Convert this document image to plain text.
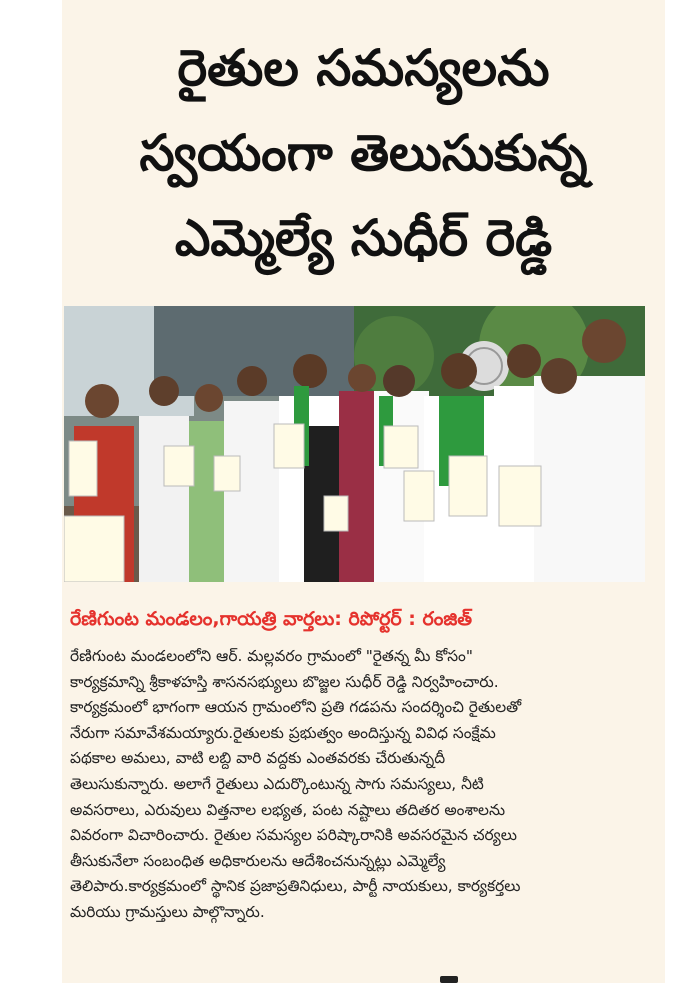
రైతుల సమస్యలను
స్వయంగా తెలుసుకున్న
ఎమ్మెల్యే సుధీర్ రెడ్డి
రేణిగుంట మండలం,గాయత్రి వార్తలు: రిపోర్టర్ : రంజిత్
రేణిగుంట మండలంలోని ఆర్. మల్లవరం గ్రామంలో "రైతన్న మీ కోసం"
కార్యక్రమాన్ని శ్రీకాళహస్తి శాసనసభ్యులు బొజ్జల సుధీర్ రెడ్డి నిర్వహించారు.
కార్యక్రమంలో భాగంగా ఆయన గ్రామంలోని ప్రతి గడపను సందర్శించి రైతులతో
నేరుగా సమావేశమయ్యారు.రైతులకు ప్రభుత్వం అందిస్తున్న వివిధ సంక్షేమ
పథకాల అమలు, వాటి లబ్ది వారి వద్దకు ఎంతవరకు చేరుతున్నదీ
తెలుసుకున్నారు. అలాగే రైతులు ఎదుర్కొంటున్న సాగు సమస్యలు, నీటి
అవసరాలు, ఎరువులు విత్తనాల లభ్యత, పంట నష్టాలు తదితర అంశాలను
వివరంగా విచారించారు. రైతుల సమస్యల పరిష్కారానికి అవసరమైన చర్యలు
తీసుకునేలా సంబంధిత అధికారులను ఆదేశించనున్నట్లు ఎమ్మెల్యే
తెలిపారు.కార్యక్రమంలో స్థానిక ప్రజాప్రతినిధులు, పార్టీ నాయకులు, కార్యకర్తలు
మరియు గ్రామస్తులు పాల్గొన్నారు.
